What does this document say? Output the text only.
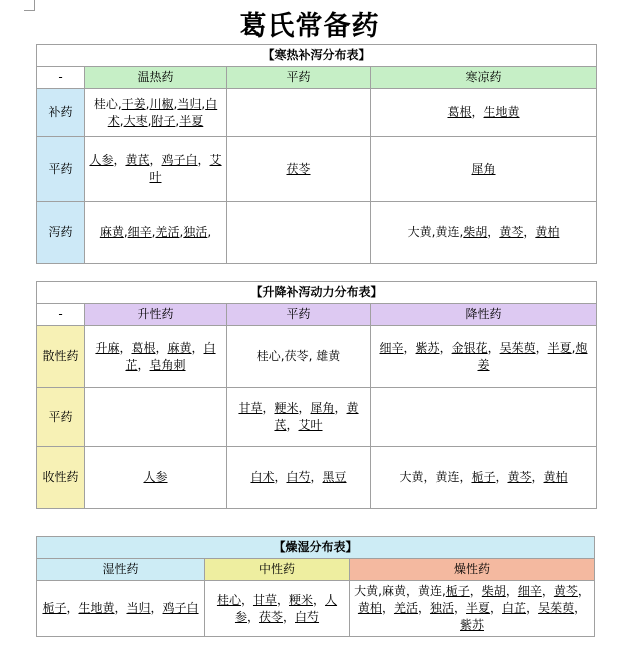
葛氏常备药
【寒热补泻分布表】			
-	温热药	平药	寒凉药
补药	桂心,干姜,川椒,当归,白术,大枣,附子,半夏		葛根，生地黄
平药	人参，黄芪，鸡子白，艾叶	茯苓	犀角
泻药	麻黄,细辛,羌活,独活,		大黄,黄连,柴胡，黄芩，黄柏
【升降补泻动力分布表】			
-	升性药	平药	降性药
散性药	升麻，葛根，麻黄，白芷，皂角刺	桂心,茯苓, 雄黄	细辛，紫苏，金银花，吴茱萸，半夏,炮姜
平药		甘草，粳米，犀角，黄芪，艾叶	
收性药	人参	白术，白芍，黑豆	大黄，黄连，栀子，黄芩，黄柏
【燥湿分布表】		
湿性药	中性药	燥性药
栀子，生地黄，当归，鸡子白	桂心，甘草，粳米，人参，茯苓，白芍	大黄,麻黄，黄连,栀子，柴胡，细辛，黄芩，黄柏，羌活，独活，半夏，白芷，吴茱萸，紫苏
